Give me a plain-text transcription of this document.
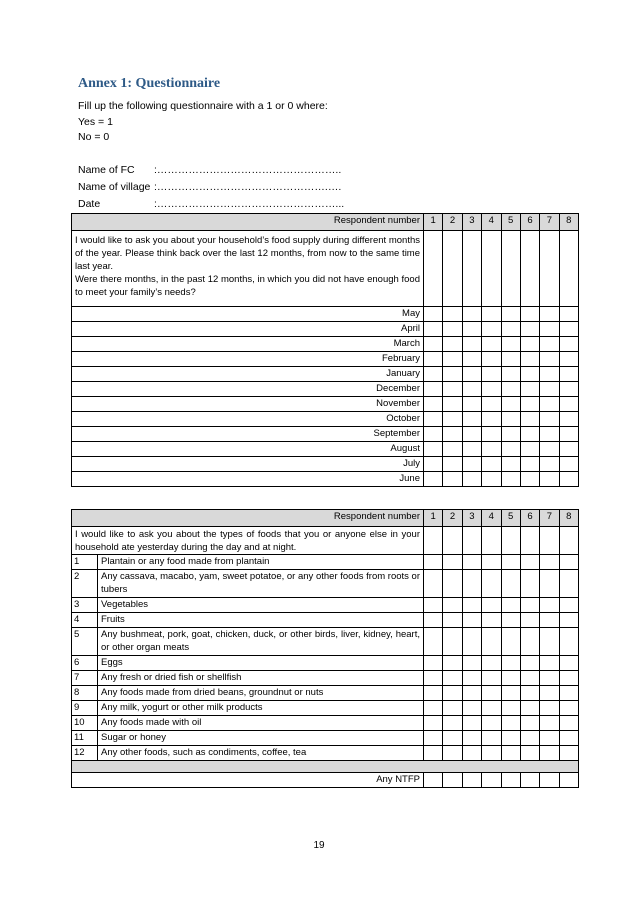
Annex 1: Questionnaire
Fill up the following questionnaire with a 1 or 0 where:
Yes = 1
No = 0
Name of FC :……………………………………………..
Name of village :………………………………………….….
Date	:……………………………………………...
Respondent number	1	2	3	4	5	6	7	8

I would like to ask you about your household’s food supply during different months of the year. Please think back over the last 12 months, from now to the same time last year.
Were there months, in the past 12 months, in which you did not have enough food to meet your family’s needs?								

May								
April								
March								
February								
January								
December								
November								
October								
September								
August								
July								
June								
Respondent number		1	2	3	4	5	6	7	8
I would like to ask you about the types of foods that you or anyone else in your household ate yesterday during the day and at night.									
1	Plantain or any food made from plantain								
2	Any cassava, macabo, yam, sweet potatoe, or any other foods from roots or tubers								
3	Vegetables								
4	Fruits								
5	Any bushmeat, pork, goat, chicken, duck, or other birds, liver, kidney, heart, or other organ meats								
6	Eggs								
7	Any fresh or dried fish or shellfish								
8	Any foods made from dried beans, groundnut or nuts								
9	Any milk, yogurt or other milk products								
10	Any foods made with oil								
11	Sugar or honey								
12	Any other foods, such as condiments, coffee, tea								

Any NTFP									
19
